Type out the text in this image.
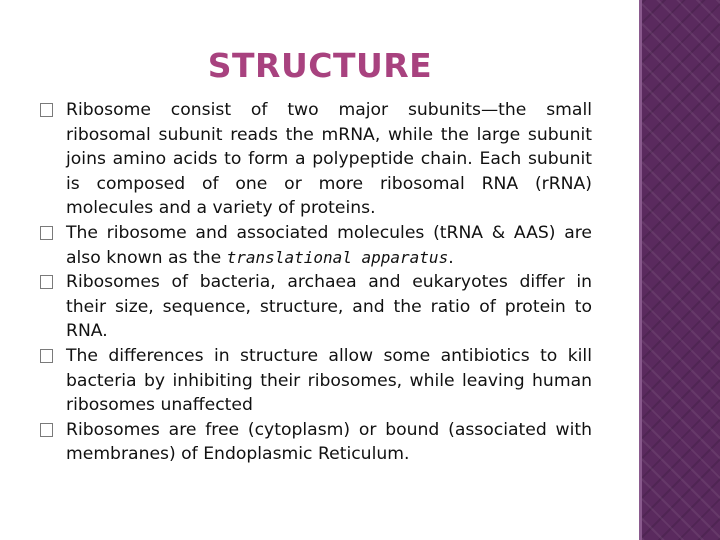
STRUCTURE
Ribosome consist of two major subunits—the small ribosomal subunit reads the mRNA, while the large subunit joins amino acids to form a polypeptide chain. Each subunit is composed of one or more ribosomal RNA (rRNA) molecules and a variety of proteins.
The ribosome and associated molecules (tRNA & AAS) are also known as the translational apparatus.
Ribosomes of bacteria, archaea and eukaryotes differ in their size, sequence, structure, and the ratio of protein to RNA.
The differences in structure allow some antibiotics to kill bacteria by inhibiting their ribosomes, while leaving human ribosomes unaffected
Ribosomes are free (cytoplasm) or bound (associated with membranes) of Endoplasmic Reticulum.
